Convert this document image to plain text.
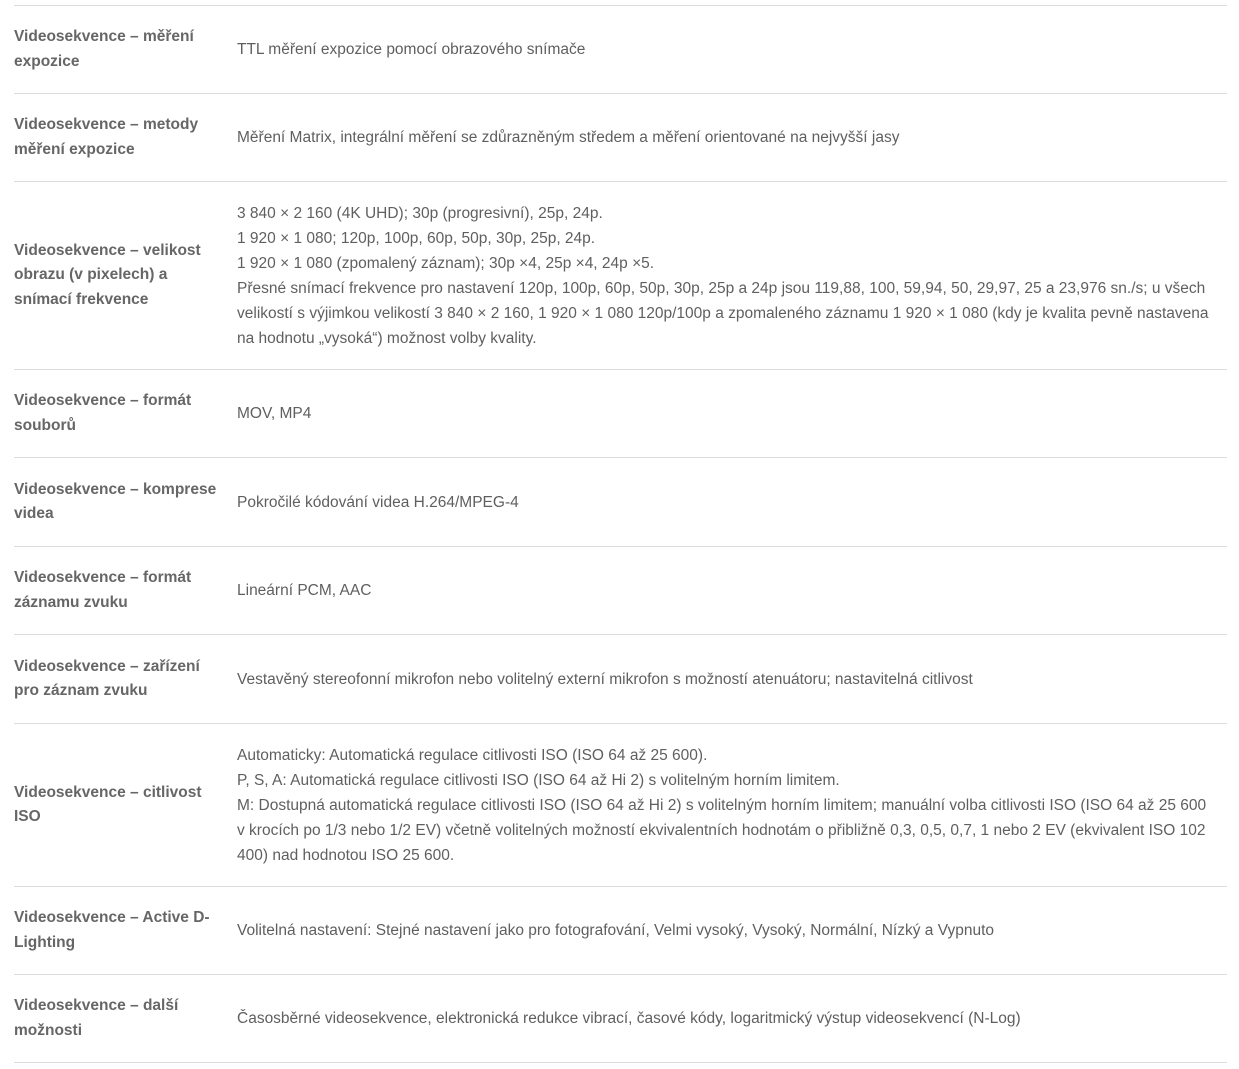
Videosekvence – měření expozice
TTL měření expozice pomocí obrazového snímače
Videosekvence – metody měření expozice
Měření Matrix, integrální měření se zdůrazněným středem a měření orientované na nejvyšší jasy
Videosekvence – velikost obrazu (v pixelech) a snímací frekvence
3 840 × 2 160 (4K UHD); 30p (progresivní), 25p, 24p.
1 920 × 1 080; 120p, 100p, 60p, 50p, 30p, 25p, 24p.
1 920 × 1 080 (zpomalený záznam); 30p ×4, 25p ×4, 24p ×5.
Přesné snímací frekvence pro nastavení 120p, 100p, 60p, 50p, 30p, 25p a 24p jsou 119,88, 100, 59,94, 50, 29,97, 25 a 23,976 sn./s; u všech velikostí s výjimkou velikostí 3 840 × 2 160, 1 920 × 1 080 120p/100p a zpomaleného záznamu 1 920 × 1 080 (kdy je kvalita pevně nastavena na hodnotu „vysoká“) možnost volby kvality.
Videosekvence – formát souborů
MOV, MP4
Videosekvence – komprese videa
Pokročilé kódování videa H.264/MPEG-4
Videosekvence – formát záznamu zvuku
Lineární PCM, AAC
Videosekvence – zařízení pro záznam zvuku
Vestavěný stereofonní mikrofon nebo volitelný externí mikrofon s možností atenuátoru; nastavitelná citlivost
Videosekvence – citlivost ISO
Automaticky: Automatická regulace citlivosti ISO (ISO 64 až 25 600).
P, S, A: Automatická regulace citlivosti ISO (ISO 64 až Hi 2) s volitelným horním limitem.
M: Dostupná automatická regulace citlivosti ISO (ISO 64 až Hi 2) s volitelným horním limitem; manuální volba citlivosti ISO (ISO 64 až 25 600 v krocích po 1/3 nebo 1/2 EV) včetně volitelných možností ekvivalentních hodnotám o přibližně 0,3, 0,5, 0,7, 1 nebo 2 EV (ekvivalent ISO 102 400) nad hodnotou ISO 25 600.
Videosekvence – Active D-Lighting
Volitelná nastavení: Stejné nastavení jako pro fotografování, Velmi vysoký, Vysoký, Normální, Nízký a Vypnuto
Videosekvence – další možnosti
Časosběrné videosekvence, elektronická redukce vibrací, časové kódy, logaritmický výstup videosekvencí (N-Log)
